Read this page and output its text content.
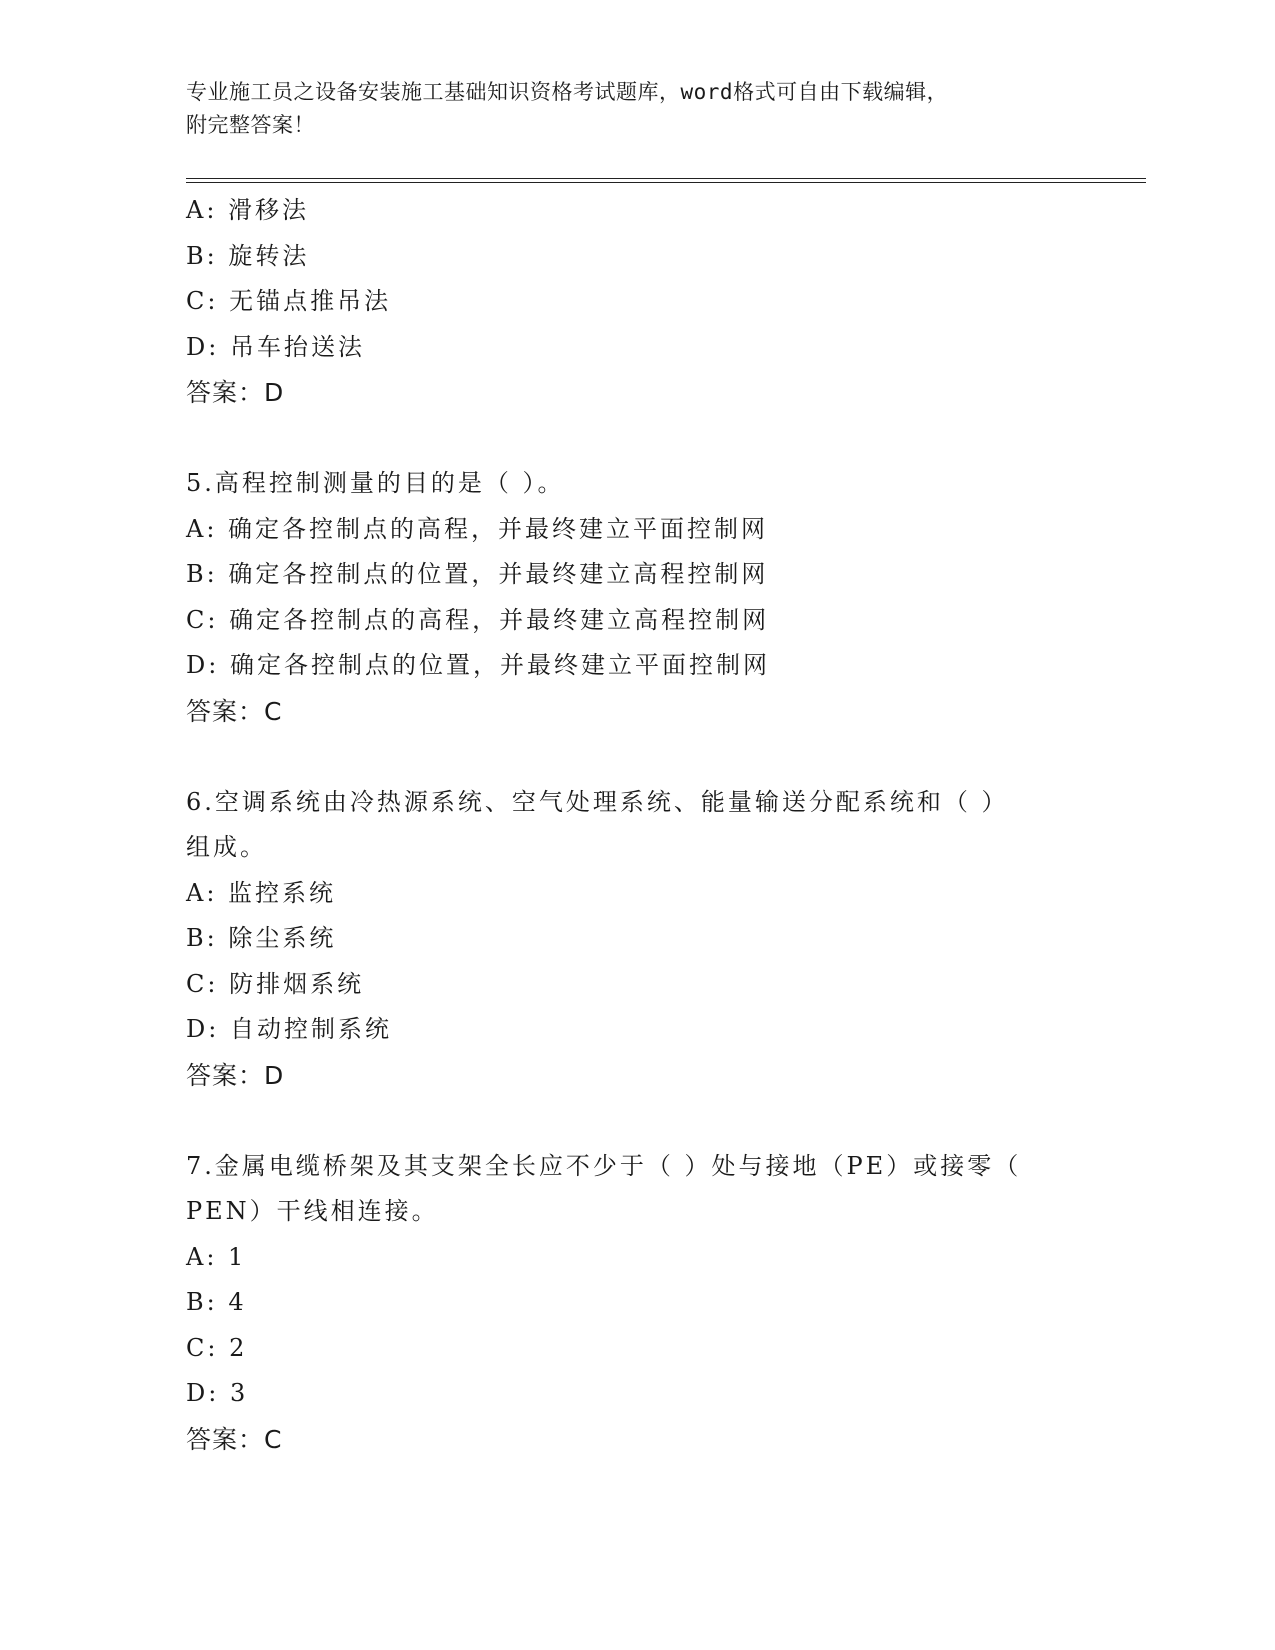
专业施工员之设备安装施工基础知识资格考试题库，word格式可自由下载编辑，
附完整答案！
A: 滑移法
B: 旋转法
C: 无锚点推吊法
D: 吊车抬送法
答案：D
5.高程控制测量的目的是（ ）。
A: 确定各控制点的高程，并最终建立平面控制网
B: 确定各控制点的位置，并最终建立高程控制网
C: 确定各控制点的高程，并最终建立高程控制网
D: 确定各控制点的位置，并最终建立平面控制网
答案：C
6.空调系统由冷热源系统、空气处理系统、能量输送分配系统和（ ）
组成。
A: 监控系统
B: 除尘系统
C: 防排烟系统
D: 自动控制系统
答案：D
7.金属电缆桥架及其支架全长应不少于（ ）处与接地（PE）或接零（
PEN）干线相连接。
A: 1
B: 4
C: 2
D: 3
答案：C
